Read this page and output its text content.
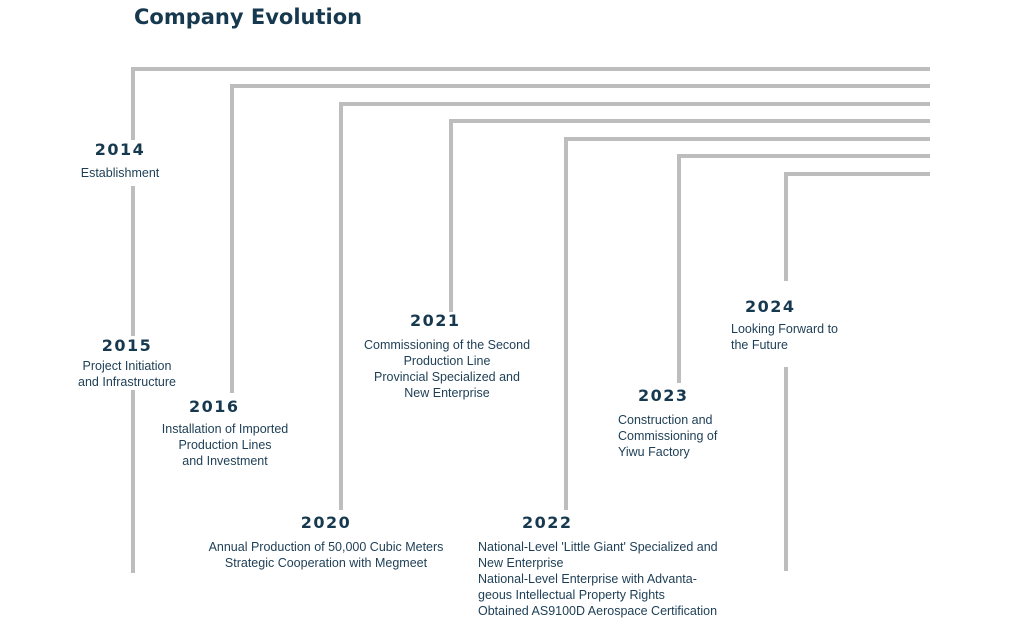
Company Evolution
2014
Establishment
2015
Project Initiation
and Infrastructure
2016
Installation of Imported
Production Lines
and Investment
2020
Annual Production of 50,000 Cubic Meters
Strategic Cooperation with Megmeet
2021
Commissioning of the Second
Production Line
Provincial Specialized and
New Enterprise
2022
National-Level 'Little Giant' Specialized and
New Enterprise
National-Level Enterprise with Advanta-
geous Intellectual Property Rights
Obtained AS9100D Aerospace Certification
2023
Construction and
Commissioning of
Yiwu Factory
2024
Looking Forward to
the Future
